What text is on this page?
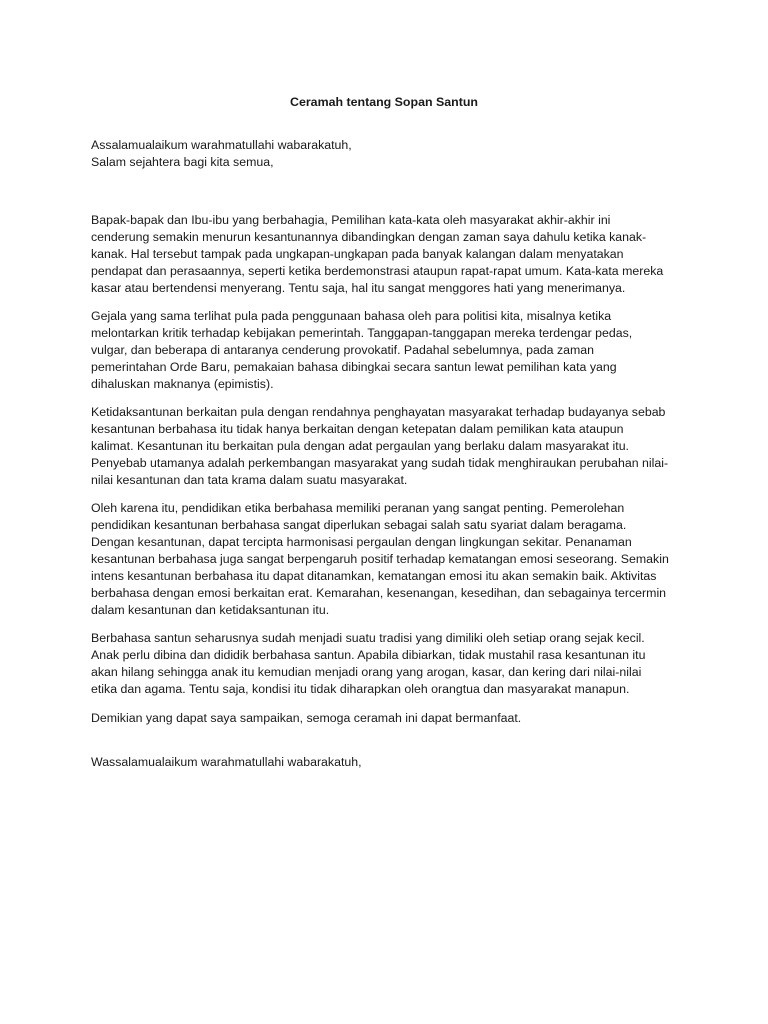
Ceramah tentang Sopan Santun

Assalamualaikum warahmatullahi wabarakatuh,

Salam sejahtera bagi kita semua,

Bapak-bapak dan Ibu-ibu yang berbahagia, Pemilihan kata-kata oleh masyarakat akhir-akhir ini

cenderung semakin menurun kesantunannya dibandingkan dengan zaman saya dahulu ketika kanak-

kanak. Hal tersebut tampak pada ungkapan-ungkapan pada banyak kalangan dalam menyatakan

pendapat dan perasaannya, seperti ketika berdemonstrasi ataupun rapat-rapat umum. Kata-kata mereka

kasar atau bertendensi menyerang. Tentu saja, hal itu sangat menggores hati yang menerimanya.

Gejala yang sama terlihat pula pada penggunaan bahasa oleh para politisi kita, misalnya ketika

melontarkan kritik terhadap kebijakan pemerintah. Tanggapan-tanggapan mereka terdengar pedas,

vulgar, dan beberapa di antaranya cenderung provokatif. Padahal sebelumnya, pada zaman

pemerintahan Orde Baru, pemakaian bahasa dibingkai secara santun lewat pemilihan kata yang

dihaluskan maknanya (epimistis).

Ketidaksantunan berkaitan pula dengan rendahnya penghayatan masyarakat terhadap budayanya sebab

kesantunan berbahasa itu tidak hanya berkaitan dengan ketepatan dalam pemilikan kata ataupun

kalimat. Kesantunan itu berkaitan pula dengan adat pergaulan yang berlaku dalam masyarakat itu.

Penyebab utamanya adalah perkembangan masyarakat yang sudah tidak menghiraukan perubahan nilai-

nilai kesantunan dan tata krama dalam suatu masyarakat.

Oleh karena itu, pendidikan etika berbahasa memiliki peranan yang sangat penting. Pemerolehan

pendidikan kesantunan berbahasa sangat diperlukan sebagai salah satu syariat dalam beragama.

Dengan kesantunan, dapat tercipta harmonisasi pergaulan dengan lingkungan sekitar. Penanaman

kesantunan berbahasa juga sangat berpengaruh positif terhadap kematangan emosi seseorang. Semakin

intens kesantunan berbahasa itu dapat ditanamkan, kematangan emosi itu akan semakin baik. Aktivitas

berbahasa dengan emosi berkaitan erat. Kemarahan, kesenangan, kesedihan, dan sebagainya tercermin

dalam kesantunan dan ketidaksantunan itu.

Berbahasa santun seharusnya sudah menjadi suatu tradisi yang dimiliki oleh setiap orang sejak kecil.

Anak perlu dibina dan dididik berbahasa santun. Apabila dibiarkan, tidak mustahil rasa kesantunan itu

akan hilang sehingga anak itu kemudian menjadi orang yang arogan, kasar, dan kering dari nilai-nilai

etika dan agama. Tentu saja, kondisi itu tidak diharapkan oleh orangtua dan masyarakat manapun.

Demikian yang dapat saya sampaikan, semoga ceramah ini dapat bermanfaat.

Wassalamualaikum warahmatullahi wabarakatuh,
